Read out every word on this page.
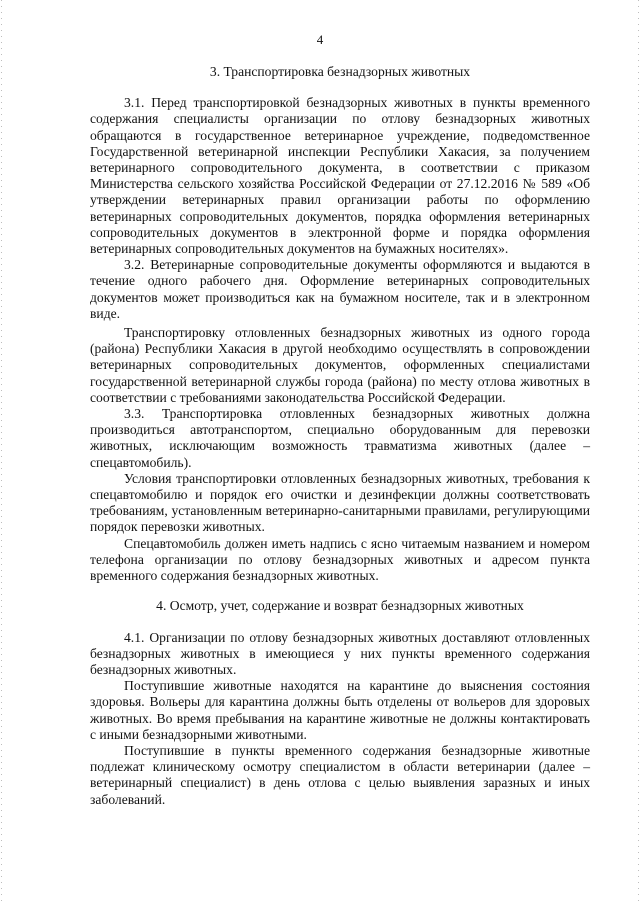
4
3. Транспортировка безнадзорных животных

3.1. Перед транспортировкой безнадзорных животных в пункты временного содержания специалисты организации по отлову безнадзорных животных обращаются в государственное ветеринарное учреждение, подведомственное Государственной ветеринарной инспекции Республики Хакасия, за получением ветеринарного сопроводительного документа, в соответствии с приказом Министерства сельского хозяйства Российской Федерации от 27.12.2016 № 589 «Об утверждении ветеринарных правил организации работы по оформлению ветеринарных сопроводительных документов, порядка оформления ветеринарных сопроводительных документов в электронной форме и порядка оформления ветеринарных сопроводительных документов на бумажных носителях».

3.2. Ветеринарные сопроводительные документы оформляются и выдаются в течение одного рабочего дня. Оформление ветеринарных сопроводительных документов может производиться как на бумажном носителе, так и в электронном виде.

Транспортировку отловленных безнадзорных животных из одного города (района) Республики Хакасия в другой необходимо осуществлять в сопровождении ветеринарных сопроводительных документов, оформленных специалистами государственной ветеринарной службы города (района) по месту отлова животных в соответствии с требованиями законодательства Российской Федерации.

3.3. Транспортировка отловленных безнадзорных животных должна производиться автотранспортом, специально оборудованным для перевозки животных, исключающим возможность травматизма животных (далее – спецавтомобиль).

Условия транспортировки отловленных безнадзорных животных, требования к спецавтомобилю и порядок его очистки и дезинфекции должны соответствовать требованиям, установленным ветеринарно-санитарными правилами, регулирующими порядок перевозки животных.

Спецавтомобиль должен иметь надпись с ясно читаемым названием и номером телефона организации по отлову безнадзорных животных и адресом пункта временного содержания безнадзорных животных.

4. Осмотр, учет, содержание и возврат безнадзорных животных

4.1. Организации по отлову безнадзорных животных доставляют отловленных безнадзорных животных в имеющиеся у них пункты временного содержания безнадзорных животных.

Поступившие животные находятся на карантине до выяснения состояния здоровья. Вольеры для карантина должны быть отделены от вольеров для здоровых животных. Во время пребывания на карантине животные не должны контактировать с иными безнадзорными животными.

Поступившие в пункты временного содержания безнадзорные животные подлежат клиническому осмотру специалистом в области ветеринарии (далее – ветеринарный специалист) в день отлова с целью выявления заразных и иных заболеваний.
